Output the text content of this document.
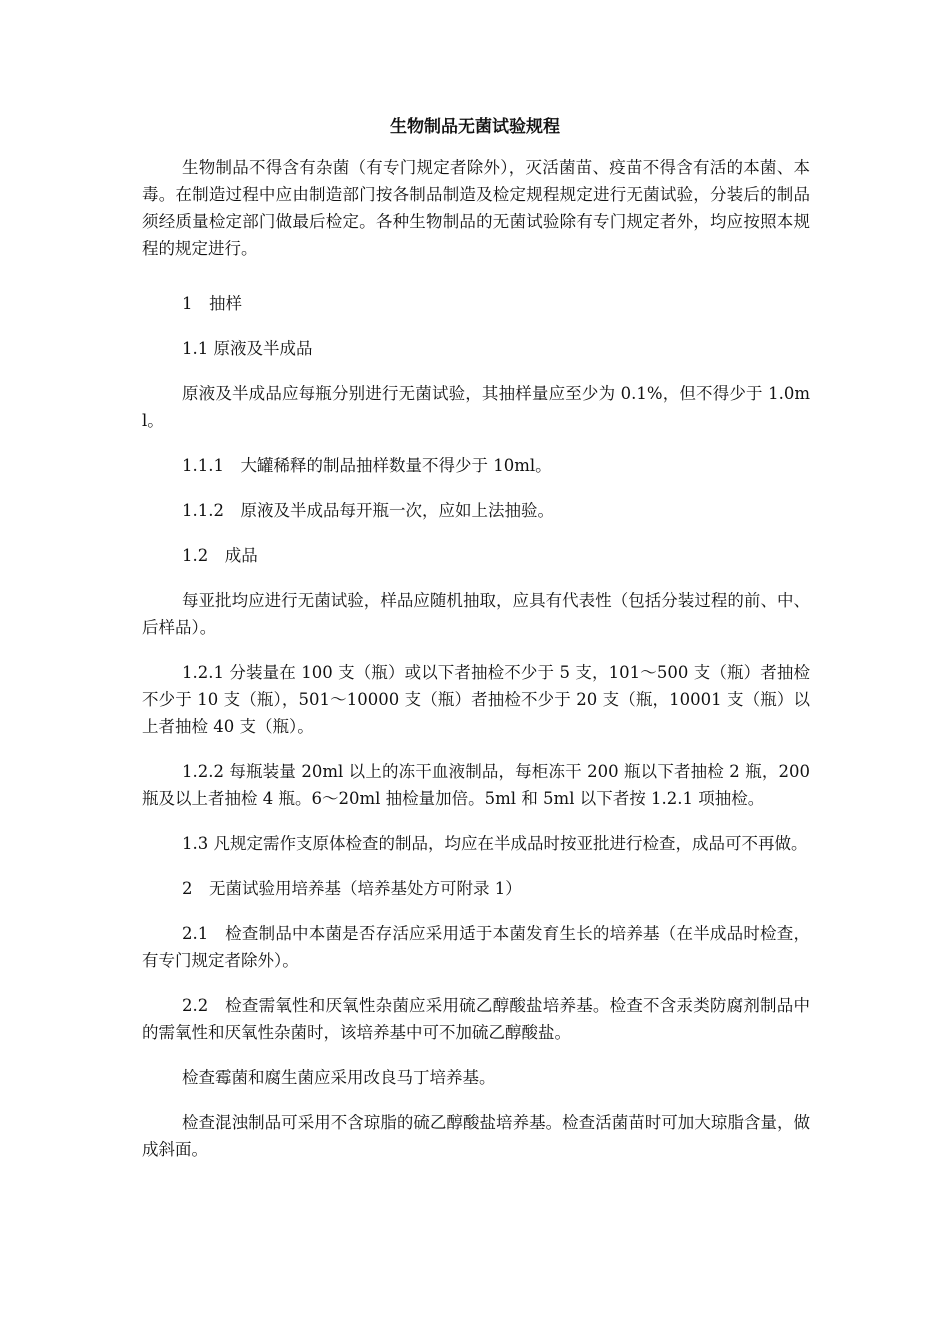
生物制品无菌试验规程

生物制品不得含有杂菌（有专门规定者除外），灭活菌苗、疫苗不得含有活的本菌、本毒。在制造过程中应由制造部门按各制品制造及检定规程规定进行无菌试验，分装后的制品须经质量检定部门做最后检定。各种生物制品的无菌试验除有专门规定者外，均应按照本规程的规定进行。

1　抽样

1.1 原液及半成品

原液及半成品应每瓶分别进行无菌试验，其抽样量应至少为 0.1%，但不得少于 1.0ml。

1.1.1　大罐稀释的制品抽样数量不得少于 10ml。

1.1.2　原液及半成品每开瓶一次，应如上法抽验。

1.2　成品

每亚批均应进行无菌试验，样品应随机抽取，应具有代表性（包括分装过程的前、中、后样品）。

1.2.1 分装量在 100 支（瓶）或以下者抽检不少于 5 支，101～500 支（瓶）者抽检不少于 10 支（瓶），501～10000 支（瓶）者抽检不少于 20 支（瓶，10001 支（瓶）以上者抽检 40 支（瓶）。

1.2.2 每瓶装量 20ml 以上的冻干血液制品，每柜冻干 200 瓶以下者抽检 2 瓶，200 瓶及以上者抽检 4 瓶。6～20ml 抽检量加倍。5ml 和 5ml 以下者按 1.2.1 项抽检。

1.3 凡规定需作支原体检查的制品，均应在半成品时按亚批进行检查，成品可不再做。

2　无菌试验用培养基（培养基处方可附录 1）

2.1　检查制品中本菌是否存活应采用适于本菌发育生长的培养基（在半成品时检查，有专门规定者除外）。

2.2　检查需氧性和厌氧性杂菌应采用硫乙醇酸盐培养基。检查不含汞类防腐剂制品中的需氧性和厌氧性杂菌时，该培养基中可不加硫乙醇酸盐。

检查霉菌和腐生菌应采用改良马丁培养基。

检查混浊制品可采用不含琼脂的硫乙醇酸盐培养基。检查活菌苗时可加大琼脂含量，做成斜面。
